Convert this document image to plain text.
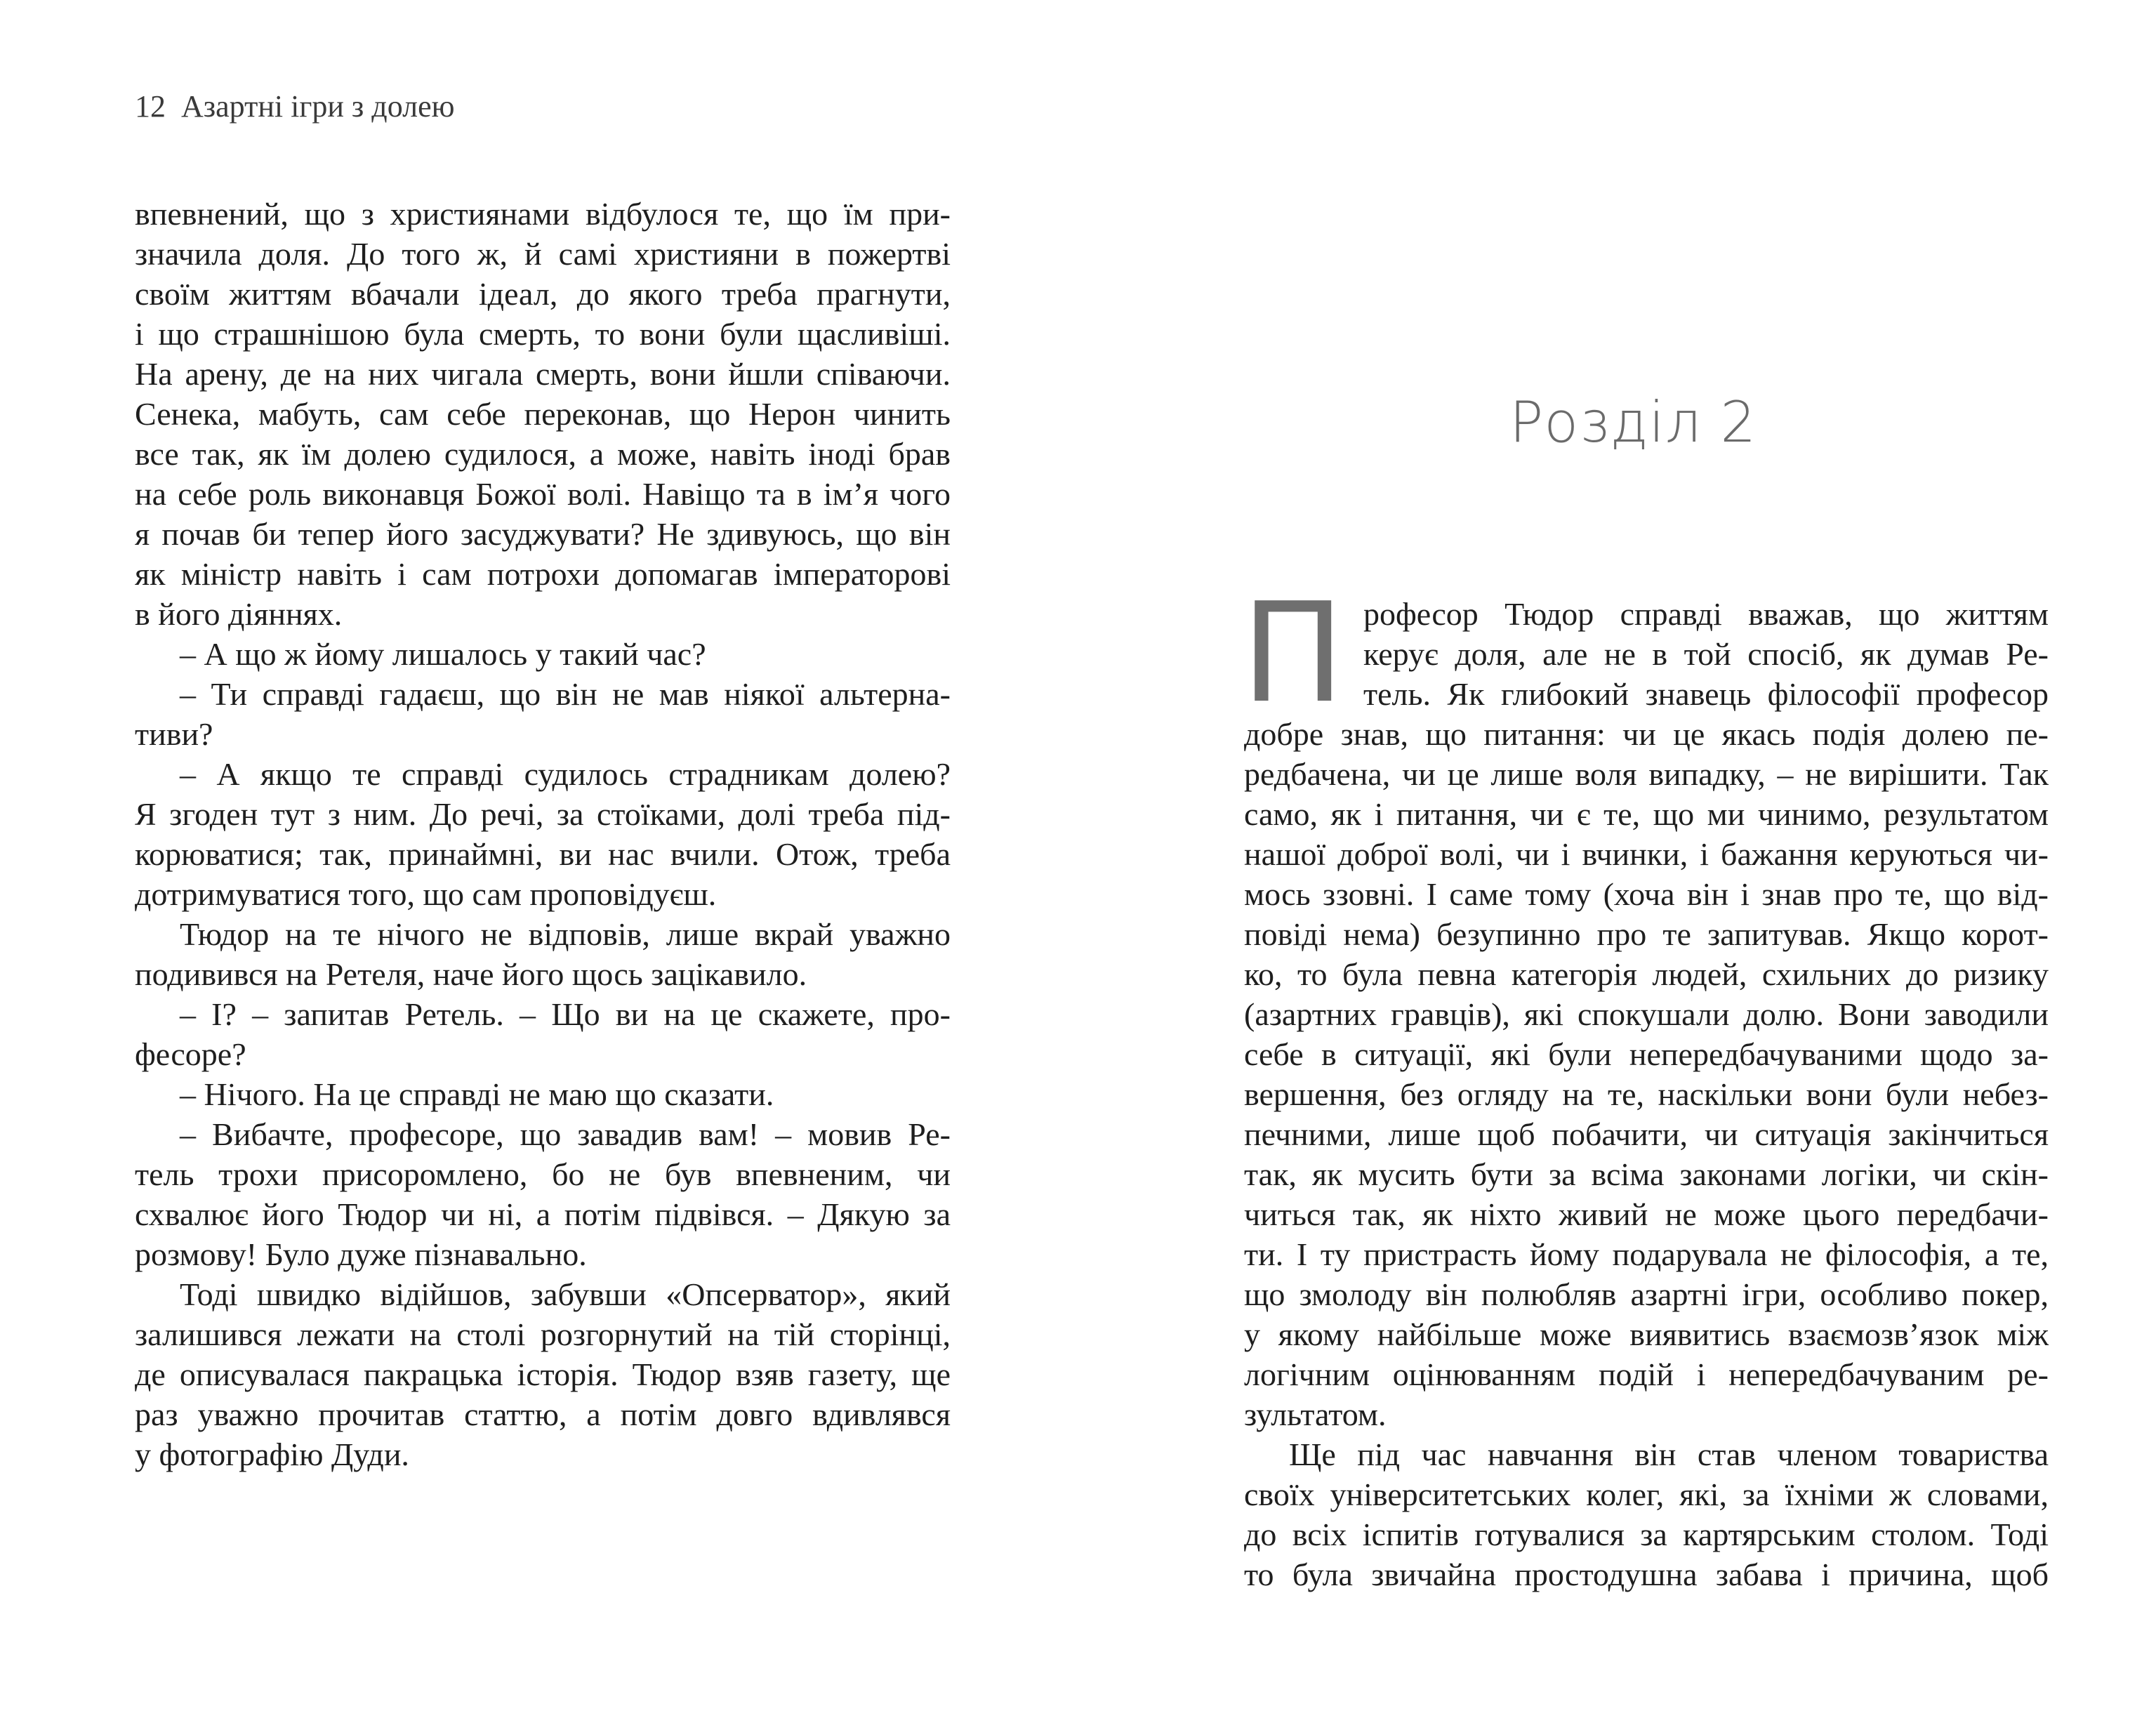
12 Азартні ігри з долею
впевнений, що з християнами відбулося те, що їм при-
значила доля. До того ж, й самі християни в пожертві
своїм життям вбачали ідеал, до якого треба прагнути,
і що страшнішою була смерть, то вони були щасливіші.
На арену, де на них чигала смерть, вони йшли співаючи.
Сенека, мабуть, сам себе переконав, що Нерон чинить
все так, як їм долею судилося, а може, навіть іноді брав
на себе роль виконавця Божої волі. Навіщо та в ім’я чого
я почав би тепер його засуджувати? Не здивуюсь, що він
як міністр навіть і сам потрохи допомагав імператорові
в його діяннях.
– А що ж йому лишалось у такий час?
– Ти справді гадаєш, що він не мав ніякої альтерна-
тиви?
– А якщо те справді судилось страдникам долею?
Я згоден тут з ним. До речі, за стоїками, долі треба під-
корюватися; так, принаймні, ви нас вчили. Отож, треба
дотримуватися того, що сам проповідуєш.
Тюдор на те нічого не відповів, лише вкрай уважно
подивився на Ретеля, наче його щось зацікавило.
– І? – запитав Ретель. – Що ви на це скажете, про-
фесоре?
– Нічого. На це справді не маю що сказати.
– Вибачте, професоре, що завадив вам! – мовив Ре-
тель трохи присоромлено, бо не був впевненим, чи
схвалює його Тюдор чи ні, а потім підвівся. – Дякую за
розмову! Було дуже пізнавально.
Тоді швидко відійшов, забувши «Опсерватор», який
залишився лежати на столі розгорнутий на тій сторінці,
де описувалася пакрацька історія. Тюдор взяв газету, ще
раз уважно прочитав статтю, а потім довго вдивлявся
у фотографію Дуди.
Розділ 2
П рофесор Тюдор справді вважав, що життям
керує доля, але не в той спосіб, як думав Ре-
тель. Як глибокий знавець філософії професор
добре знав, що питання: чи це якась подія долею пе-
редбачена, чи це лише воля випадку, – не вирішити. Так
само, як і питання, чи є те, що ми чинимо, результатом
нашої доброї волі, чи і вчинки, і бажання керуються чи-
мось ззовні. І саме тому (хоча він і знав про те, що від-
повіді нема) безупинно про те запитував. Якщо корот-
ко, то була певна категорія людей, схильних до ризику
(азартних гравців), які спокушали долю. Вони заводили
себе в ситуації, які були непередбачуваними щодо за-
вершення, без огляду на те, наскільки вони були небез-
печними, лише щоб побачити, чи ситуація закінчиться
так, як мусить бути за всіма законами логіки, чи скін-
читься так, як ніхто живий не може цього передбачи-
ти. І ту пристрасть йому подарувала не філософія, а те,
що змолоду він полюбляв азартні ігри, особливо покер,
у якому найбільше може виявитись взаємозв’язок між
логічним оцінюванням подій і непередбачуваним ре-
зультатом.
Ще під час навчання він став членом товариства
своїх університетських колег, які, за їхніми ж словами,
до всіх іспитів готувалися за картярським столом. Тоді
то була звичайна простодушна забава і причина, щоб
